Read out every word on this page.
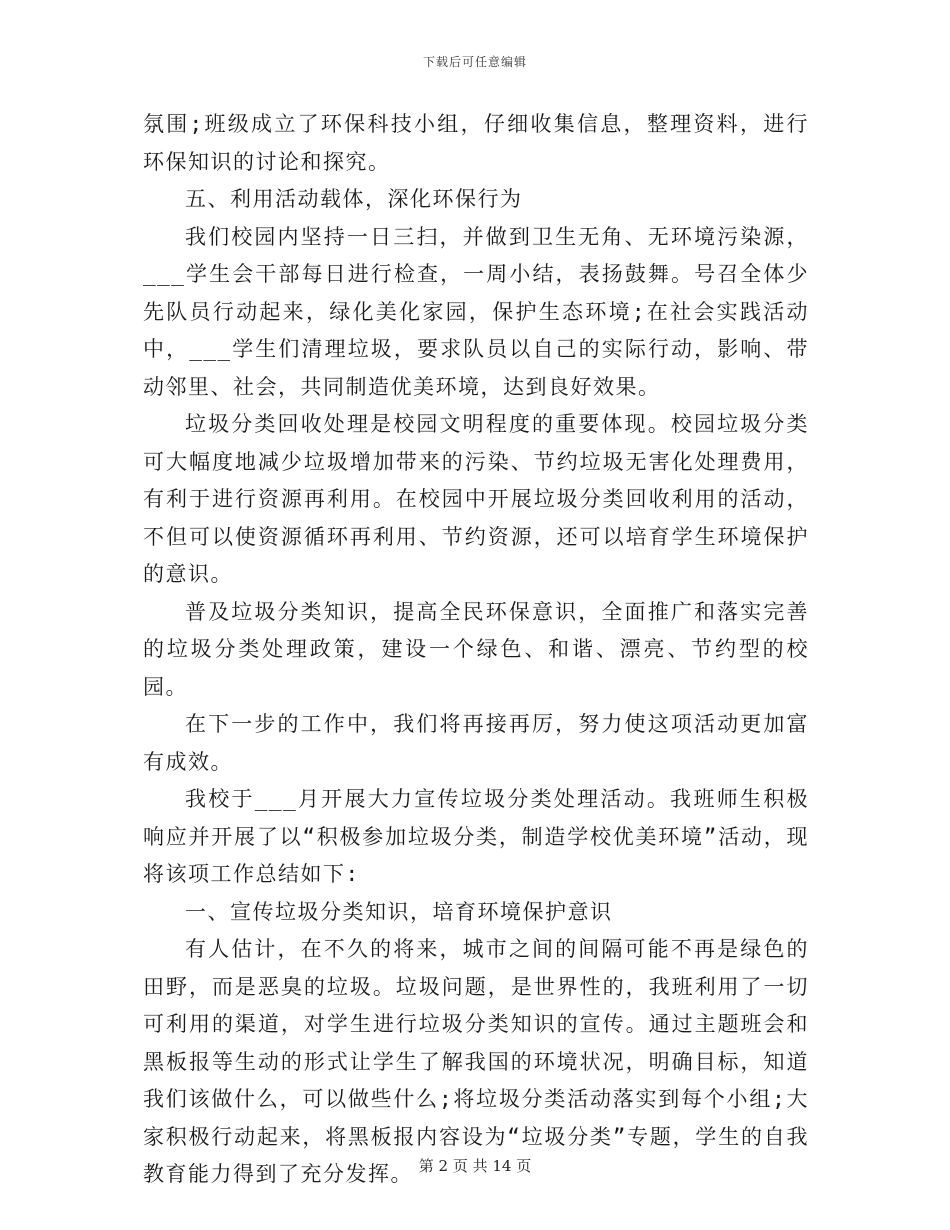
下载后可任意编辑

氛围;班级成立了环保科技小组，仔细收集信息，整理资料，进行环保知识的讨论和探究。

五、利用活动载体，深化环保行为

我们校园内坚持一日三扫，并做到卫生无角、无环境污染源，___学生会干部每日进行检查，一周小结，表扬鼓舞。号召全体少先队员行动起来，绿化美化家园，保护生态环境;在社会实践活动中，___学生们清理垃圾，要求队员以自己的实际行动，影响、带动邻里、社会，共同制造优美环境，达到良好效果。

垃圾分类回收处理是校园文明程度的重要体现。校园垃圾分类可大幅度地减少垃圾增加带来的污染、节约垃圾无害化处理费用，有利于进行资源再利用。在校园中开展垃圾分类回收利用的活动，不但可以使资源循环再利用、节约资源，还可以培育学生环境保护的意识。

普及垃圾分类知识，提高全民环保意识，全面推广和落实完善的垃圾分类处理政策，建设一个绿色、和谐、漂亮、节约型的校园。

在下一步的工作中，我们将再接再厉，努力使这项活动更加富有成效。

我校于___月开展大力宣传垃圾分类处理活动。我班师生积极响应并开展了以“积极参加垃圾分类，制造学校优美环境”活动，现将该项工作总结如下:

一、宣传垃圾分类知识，培育环境保护意识

有人估计，在不久的将来，城市之间的间隔可能不再是绿色的田野，而是恶臭的垃圾。垃圾问题，是世界性的，我班利用了一切可利用的渠道，对学生进行垃圾分类知识的宣传。通过主题班会和黑板报等生动的形式让学生了解我国的环境状况，明确目标，知道我们该做什么，可以做些什么;将垃圾分类活动落实到每个小组;大家积极行动起来，将黑板报内容设为“垃圾分类”专题，学生的自我教育能力得到了充分发挥。 第 2 页 共 14 页
